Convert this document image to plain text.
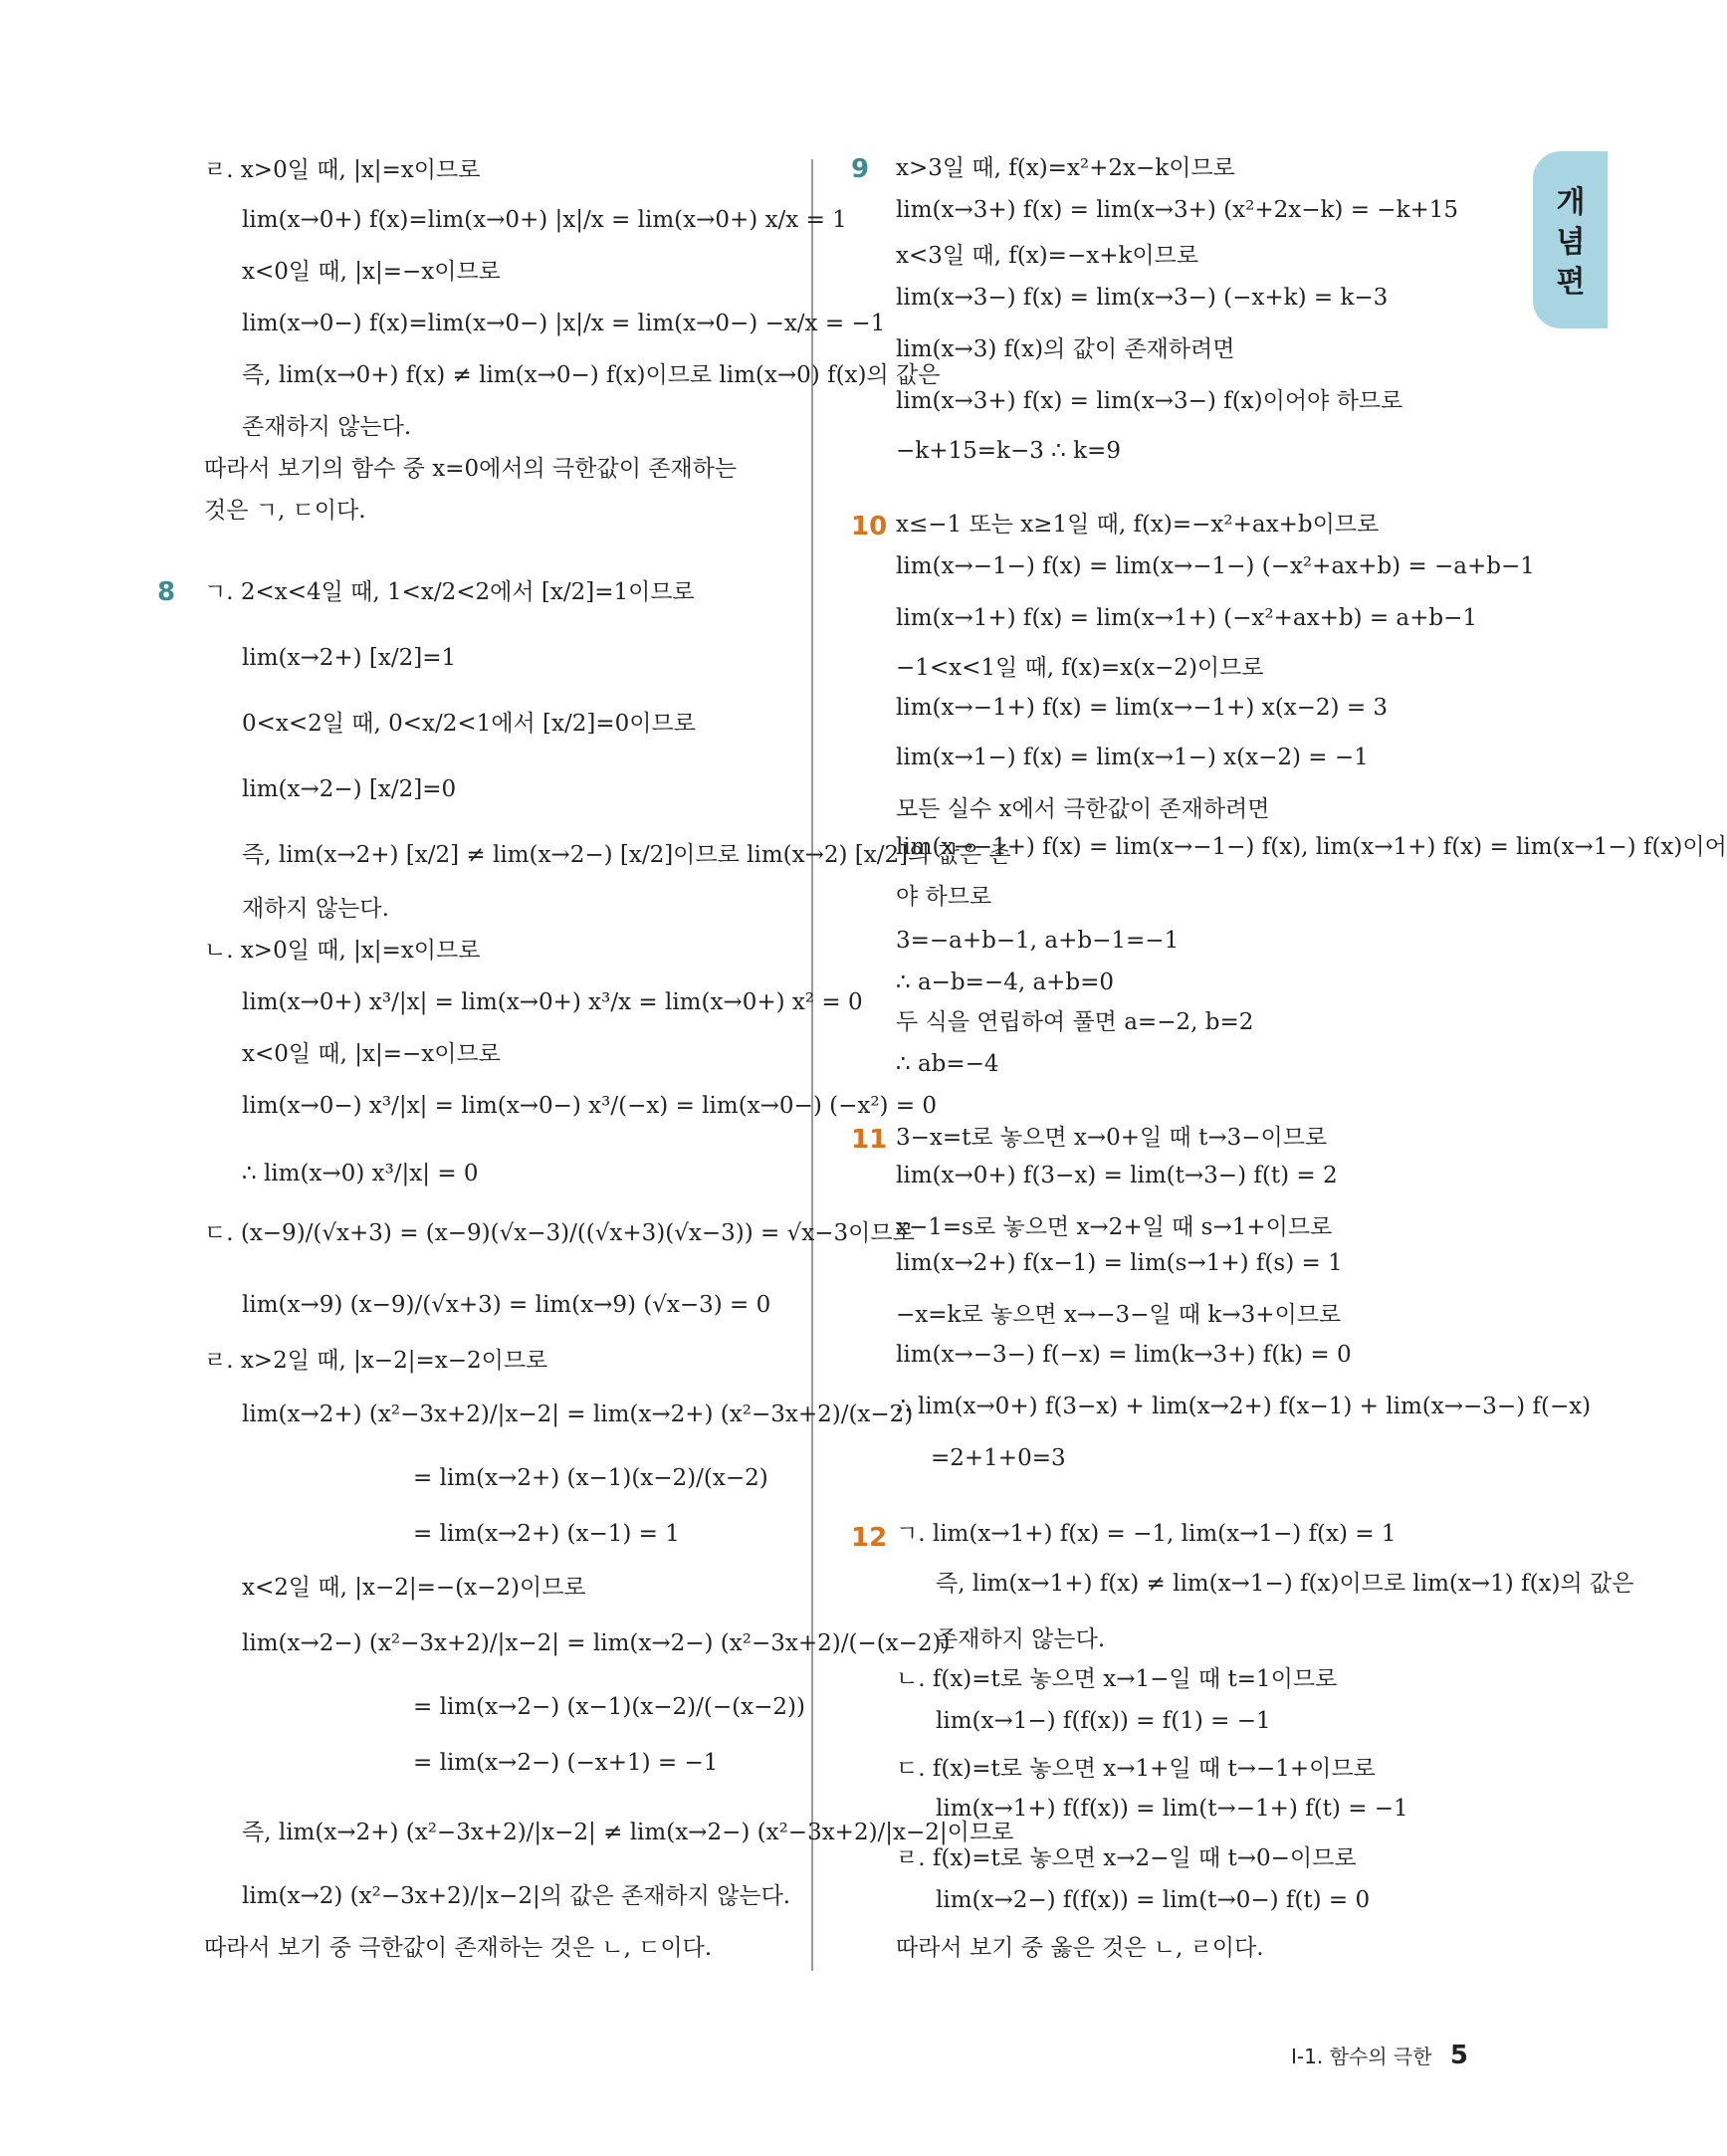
개
념
편
8
9
10
11
12
ㄹ. x>0일 때, |x|=x이므로
lim(x→0+) f(x)=lim(x→0+) |x|/x = lim(x→0+) x/x = 1
x<0일 때, |x|=−x이므로
lim(x→0−) f(x)=lim(x→0−) |x|/x = lim(x→0−) −x/x = −1
즉, lim(x→0+) f(x) ≠ lim(x→0−) f(x)이므로 lim(x→0) f(x)의 값은
존재하지 않는다.
따라서 보기의 함수 중 x=0에서의 극한값이 존재하는
것은 ㄱ, ㄷ이다.
ㄱ. 2<x<4일 때, 1<x/2<2에서 [x/2]=1이므로
lim(x→2+) [x/2]=1
0<x<2일 때, 0<x/2<1에서 [x/2]=0이므로
lim(x→2−) [x/2]=0
즉, lim(x→2+) [x/2] ≠ lim(x→2−) [x/2]이므로 lim(x→2) [x/2]의 값은 존
재하지 않는다.
ㄴ. x>0일 때, |x|=x이므로
lim(x→0+) x³/|x| = lim(x→0+) x³/x = lim(x→0+) x² = 0
x<0일 때, |x|=−x이므로
lim(x→0−) x³/|x| = lim(x→0−) x³/(−x) = lim(x→0−) (−x²) = 0
∴ lim(x→0) x³/|x| = 0
ㄷ. (x−9)/(√x+3) = (x−9)(√x−3)/((√x+3)(√x−3)) = √x−3이므로
lim(x→9) (x−9)/(√x+3) = lim(x→9) (√x−3) = 0
ㄹ. x>2일 때, |x−2|=x−2이므로
lim(x→2+) (x²−3x+2)/|x−2| = lim(x→2+) (x²−3x+2)/(x−2)
= lim(x→2+) (x−1)(x−2)/(x−2)
= lim(x→2+) (x−1) = 1
x<2일 때, |x−2|=−(x−2)이므로
lim(x→2−) (x²−3x+2)/|x−2| = lim(x→2−) (x²−3x+2)/(−(x−2))
= lim(x→2−) (x−1)(x−2)/(−(x−2))
= lim(x→2−) (−x+1) = −1
즉, lim(x→2+) (x²−3x+2)/|x−2| ≠ lim(x→2−) (x²−3x+2)/|x−2|이므로
lim(x→2) (x²−3x+2)/|x−2|의 값은 존재하지 않는다.
따라서 보기 중 극한값이 존재하는 것은 ㄴ, ㄷ이다.
x>3일 때, f(x)=x²+2x−k이므로
lim(x→3+) f(x) = lim(x→3+) (x²+2x−k) = −k+15
x<3일 때, f(x)=−x+k이므로
lim(x→3−) f(x) = lim(x→3−) (−x+k) = k−3
lim(x→3) f(x)의 값이 존재하려면
lim(x→3+) f(x) = lim(x→3−) f(x)이어야 하므로
−k+15=k−3 ∴ k=9
x≤−1 또는 x≥1일 때, f(x)=−x²+ax+b이므로
lim(x→−1−) f(x) = lim(x→−1−) (−x²+ax+b) = −a+b−1
lim(x→1+) f(x) = lim(x→1+) (−x²+ax+b) = a+b−1
−1<x<1일 때, f(x)=x(x−2)이므로
lim(x→−1+) f(x) = lim(x→−1+) x(x−2) = 3
lim(x→1−) f(x) = lim(x→1−) x(x−2) = −1
모든 실수 x에서 극한값이 존재하려면
lim(x→−1+) f(x) = lim(x→−1−) f(x), lim(x→1+) f(x) = lim(x→1−) f(x)이어
야 하므로
3=−a+b−1, a+b−1=−1
∴ a−b=−4, a+b=0
두 식을 연립하여 풀면 a=−2, b=2
∴ ab=−4
3−x=t로 놓으면 x→0+일 때 t→3−이므로
lim(x→0+) f(3−x) = lim(t→3−) f(t) = 2
x−1=s로 놓으면 x→2+일 때 s→1+이므로
lim(x→2+) f(x−1) = lim(s→1+) f(s) = 1
−x=k로 놓으면 x→−3−일 때 k→3+이므로
lim(x→−3−) f(−x) = lim(k→3+) f(k) = 0
∴ lim(x→0+) f(3−x) + lim(x→2+) f(x−1) + lim(x→−3−) f(−x)
=2+1+0=3
ㄱ. lim(x→1+) f(x) = −1, lim(x→1−) f(x) = 1
즉, lim(x→1+) f(x) ≠ lim(x→1−) f(x)이므로 lim(x→1) f(x)의 값은
존재하지 않는다.
ㄴ. f(x)=t로 놓으면 x→1−일 때 t=1이므로
lim(x→1−) f(f(x)) = f(1) = −1
ㄷ. f(x)=t로 놓으면 x→1+일 때 t→−1+이므로
lim(x→1+) f(f(x)) = lim(t→−1+) f(t) = −1
ㄹ. f(x)=t로 놓으면 x→2−일 때 t→0−이므로
lim(x→2−) f(f(x)) = lim(t→0−) f(t) = 0
따라서 보기 중 옳은 것은 ㄴ, ㄹ이다.
I-1. 함수의 극한 5
